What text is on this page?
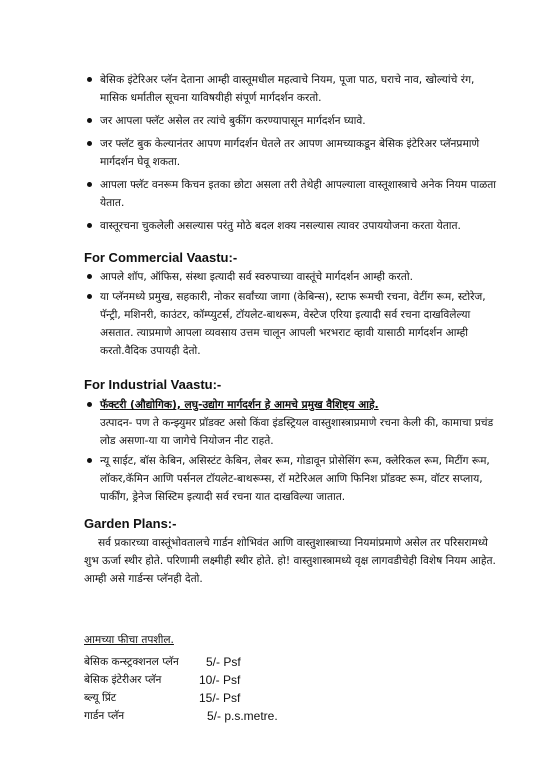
बेसिक इंटेरिअर प्लॅन देताना आम्ही वास्तूमधील महत्वाचे नियम, पूजा पाठ, घराचे नाव, खोल्यांचे रंग, मासिक धर्मातील सूचना याविषयीही संपूर्ण मार्गदर्शन करतो.
जर आपला फ्लॅट असेल तर त्यांचे बुकींग करण्यापासून मार्गदर्शन घ्यावे.
जर फ्लॅट बुक केल्यानंतर आपण मार्गदर्शन घेतले तर आपण आमच्याकडून बेसिक इंटेरिअर प्लॅनप्रमाणे मार्गदर्शन घेवू शकता.
आपला फ्लॅट वनरूम किचन इतका छोटा असला तरी तेथेही आपल्याला वास्तूशास्त्राचे अनेक नियम पाळता येतात.
वास्तूरचना चुकलेली असल्यास परंतु मोठे बदल शक्य नसल्यास त्यावर उपाययोजना करता येतात.
For Commercial Vaastu:-
आपले शॉप, ऑफिस, संस्था इत्यादी सर्व स्वरुपाच्या वास्तूंचे मार्गदर्शन आम्ही करतो.
या प्लॅनमध्ये प्रमुख, सहकारी, नोकर सर्वांच्या जागा (केबिन्स), स्टाफ रूमची रचना, वेटींग रूम, स्टोरेज, पॅन्ट्री, मशिनरी, काउंटर, कॉम्प्युटर्स, टॉयलेट-बाथरूम, वेस्टेज एरिया इत्यादी सर्व रचना दाखविलेल्या असतात. त्याप्रमाणे आपला व्यवसाय उत्तम चालून आपली भरभराट व्हावी यासाठी मार्गदर्शन आम्ही करतो.वैदिक उपायही देतो.
For Industrial Vaastu:-
फॅक्टरी (औद्योगिक), लघु-उद्योग मार्गदर्शन हे आमचे प्रमुख वैशिष्ट्य आहे.
उत्पादन- पण ते कन्झ्युमर प्रॉडक्ट असो किंवा इंडस्ट्रियल वास्तुशास्त्राप्रमाणे रचना केली की, कामाचा प्रचंड लोड असणा-या या जागेचे नियोजन नीट राहते.
न्यू साईट, बॉस केबिन, असिस्टंट केबिन, लेबर रूम, गोडावून प्रोसेसिंग रूम, क्लेरिकल रूम, मिटींग रूम, लॉकर,कॅमिन आणि पर्सनल टॉयलेट-बाथरूम्स, रॉ मटेरिअल आणि फिनिश प्रॉडक्ट रूम, वॉटर सप्लाय, पार्कींग, ड्रेनेज सिस्टिम इत्यादी सर्व रचना यात दाखविल्या जातात.
Garden Plans:-
सर्व प्रकारच्या वास्तूंभोवतालचे गार्डन शोभिवंत आणि वास्तुशास्त्राच्या नियमांप्रमाणे असेल तर परिसरामध्ये शुभ ऊर्जा स्थीर होते. परिणामी लक्ष्मीही स्थीर होते. हो! वास्तुशास्त्रामध्ये वृक्ष लागवडीचेही विशेष नियम आहेत. आम्ही असे गार्डन्स प्लॅनही देतो.
आमच्या फीचा तपशील.
बेसिक कन्स्ट्रक्शनल प्लॅन 5/- Psf
बेसिक इंटेरीअर प्लॅन	10/- Psf
ब्ल्यू प्रिंट	15/- Psf
गार्डन प्लॅन	5/- p.s.metre.
